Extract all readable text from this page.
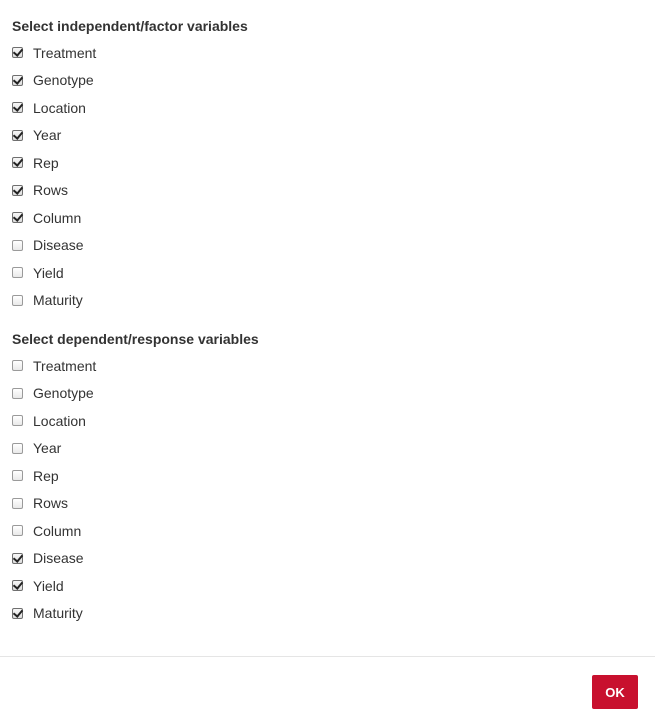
Select independent/factor variables
Treatment
Genotype
Location
Year
Rep
Rows
Column
Disease
Yield
Maturity
Select dependent/response variables
Treatment
Genotype
Location
Year
Rep
Rows
Column
Disease
Yield
Maturity
OK
